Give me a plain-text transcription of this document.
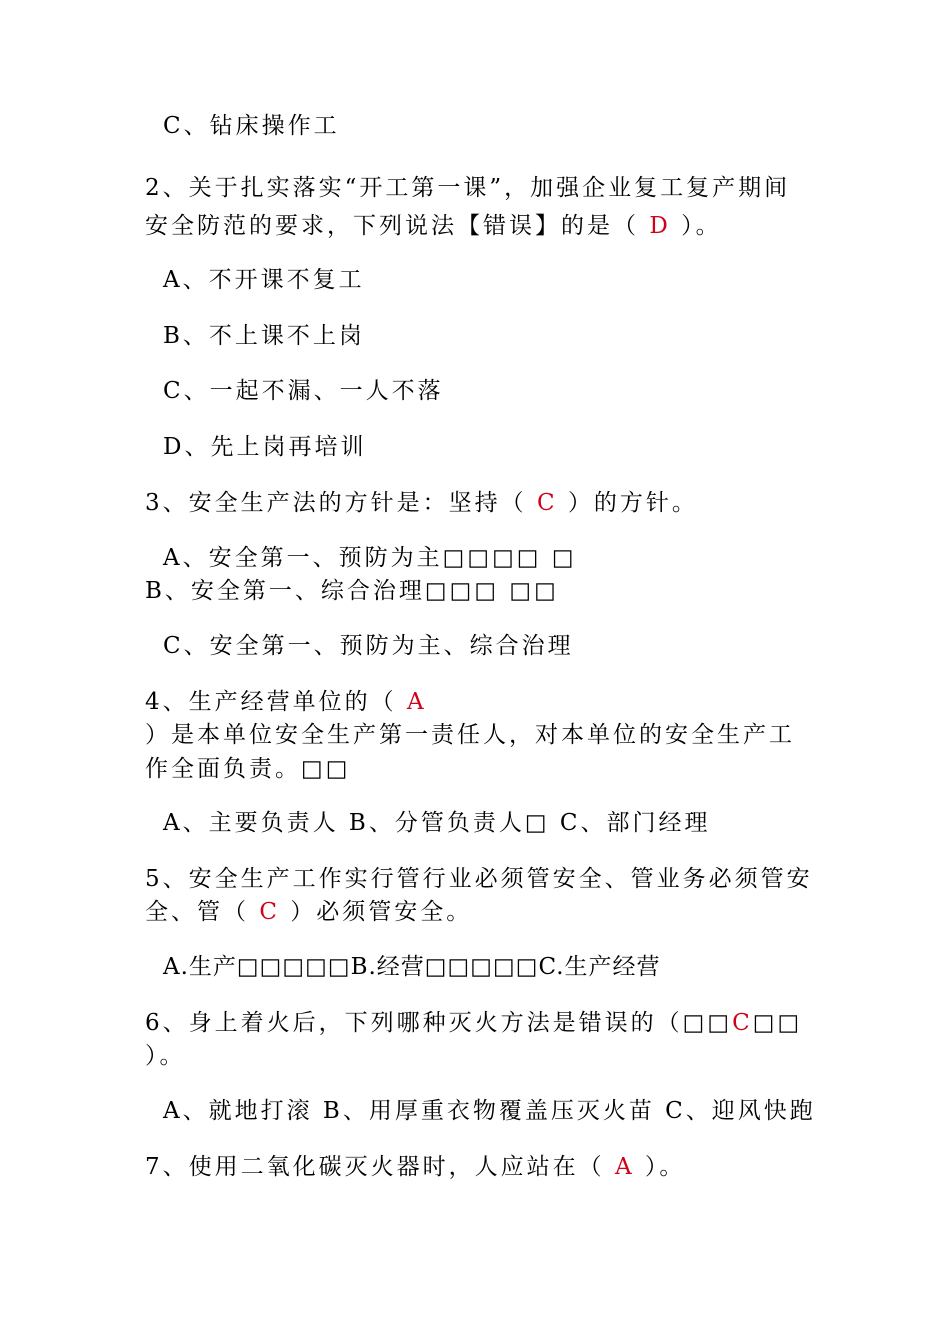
C、钻床操作工
2、关于扎实落实“开工第一课”，加强企业复工复产期间
安全防范的要求，下列说法【错误】的是（ D ）。
A、不开课不复工
B、不上课不上岗
C、一起不漏、一人不落
D、先上岗再培训
3、安全生产法的方针是：坚持（ C ）的方针。
A、安全第一、预防为主□□□□ □
B、安全第一、综合治理□□□ □□
C、安全第一、预防为主、综合治理
4、生产经营单位的（ A
）是本单位安全生产第一责任人，对本单位的安全生产工
作全面负责。□□
A、主要负责人 B、分管负责人□ C、部门经理
5、安全生产工作实行管行业必须管安全、管业务必须管安
全、管（ C ）必须管安全。
A.生产□□□□□B.经营□□□□□C.生产经营
6、身上着火后，下列哪种灭火方法是错误的（□□C□□
）。
A、就地打滚 B、用厚重衣物覆盖压灭火苗 C、迎风快跑
7、使用二氧化碳灭火器时，人应站在（ A ）。
